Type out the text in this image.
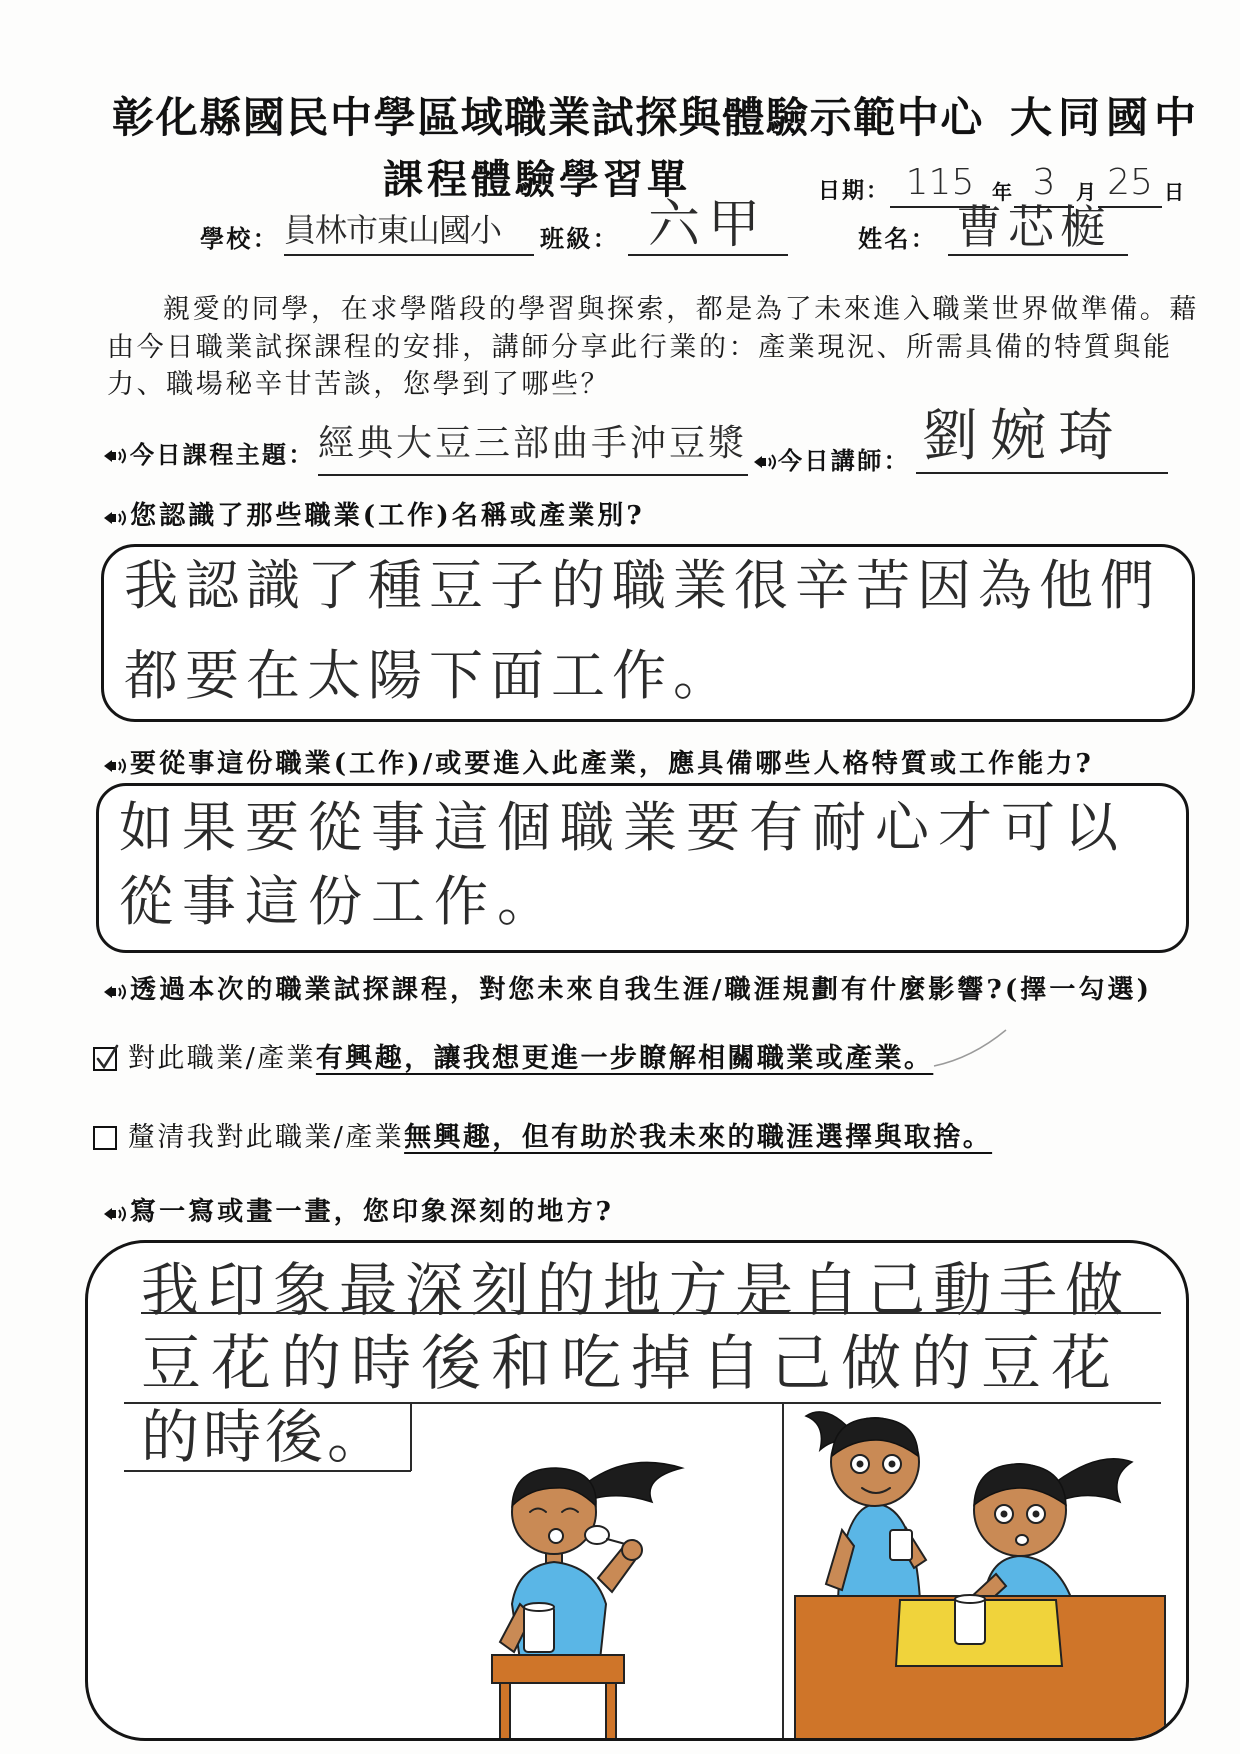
彰化縣國民中學區域職業試探與體驗示範中心 大同國中
課程體驗學習單	日期： 115 年 3	月 25 日
學校： 員林市東山國小	班級： 六甲	姓名： 曹芯榳
親愛的同學，在求學階段的學習與探索，都是為了未來進入職業世界做準備。藉
由今日職業試探課程的安排，講師分享此行業的：產業現況、所需具備的特質與能
力、職場秘辛甘苦談，您學到了哪些？
今日課程主題： 經典大豆三部曲手沖豆漿 今日講師： 劉婉琦
您認識了那些職業(工作)名稱或產業別?
我認識了種豆子的職業很辛苦因為他們
都要在太陽下面工作。
要從事這份職業(工作)/或要進入此產業，應具備哪些人格特質或工作能力?
如果要從事這個職業要有耐心才可以
從事這份工作。
透過本次的職業試探課程，對您未來自我生涯/職涯規劃有什麼影響?(擇一勾選)
對此職業/產業有興趣，讓我想更進一步瞭解相關職業或產業。
釐清我對此職業/產業無興趣，但有助於我未來的職涯選擇與取捨。
寫一寫或畫一畫，您印象深刻的地方?
我印象最深刻的地方是自己動手做
豆花的時後和吃掉自己做的豆花
的時後。
